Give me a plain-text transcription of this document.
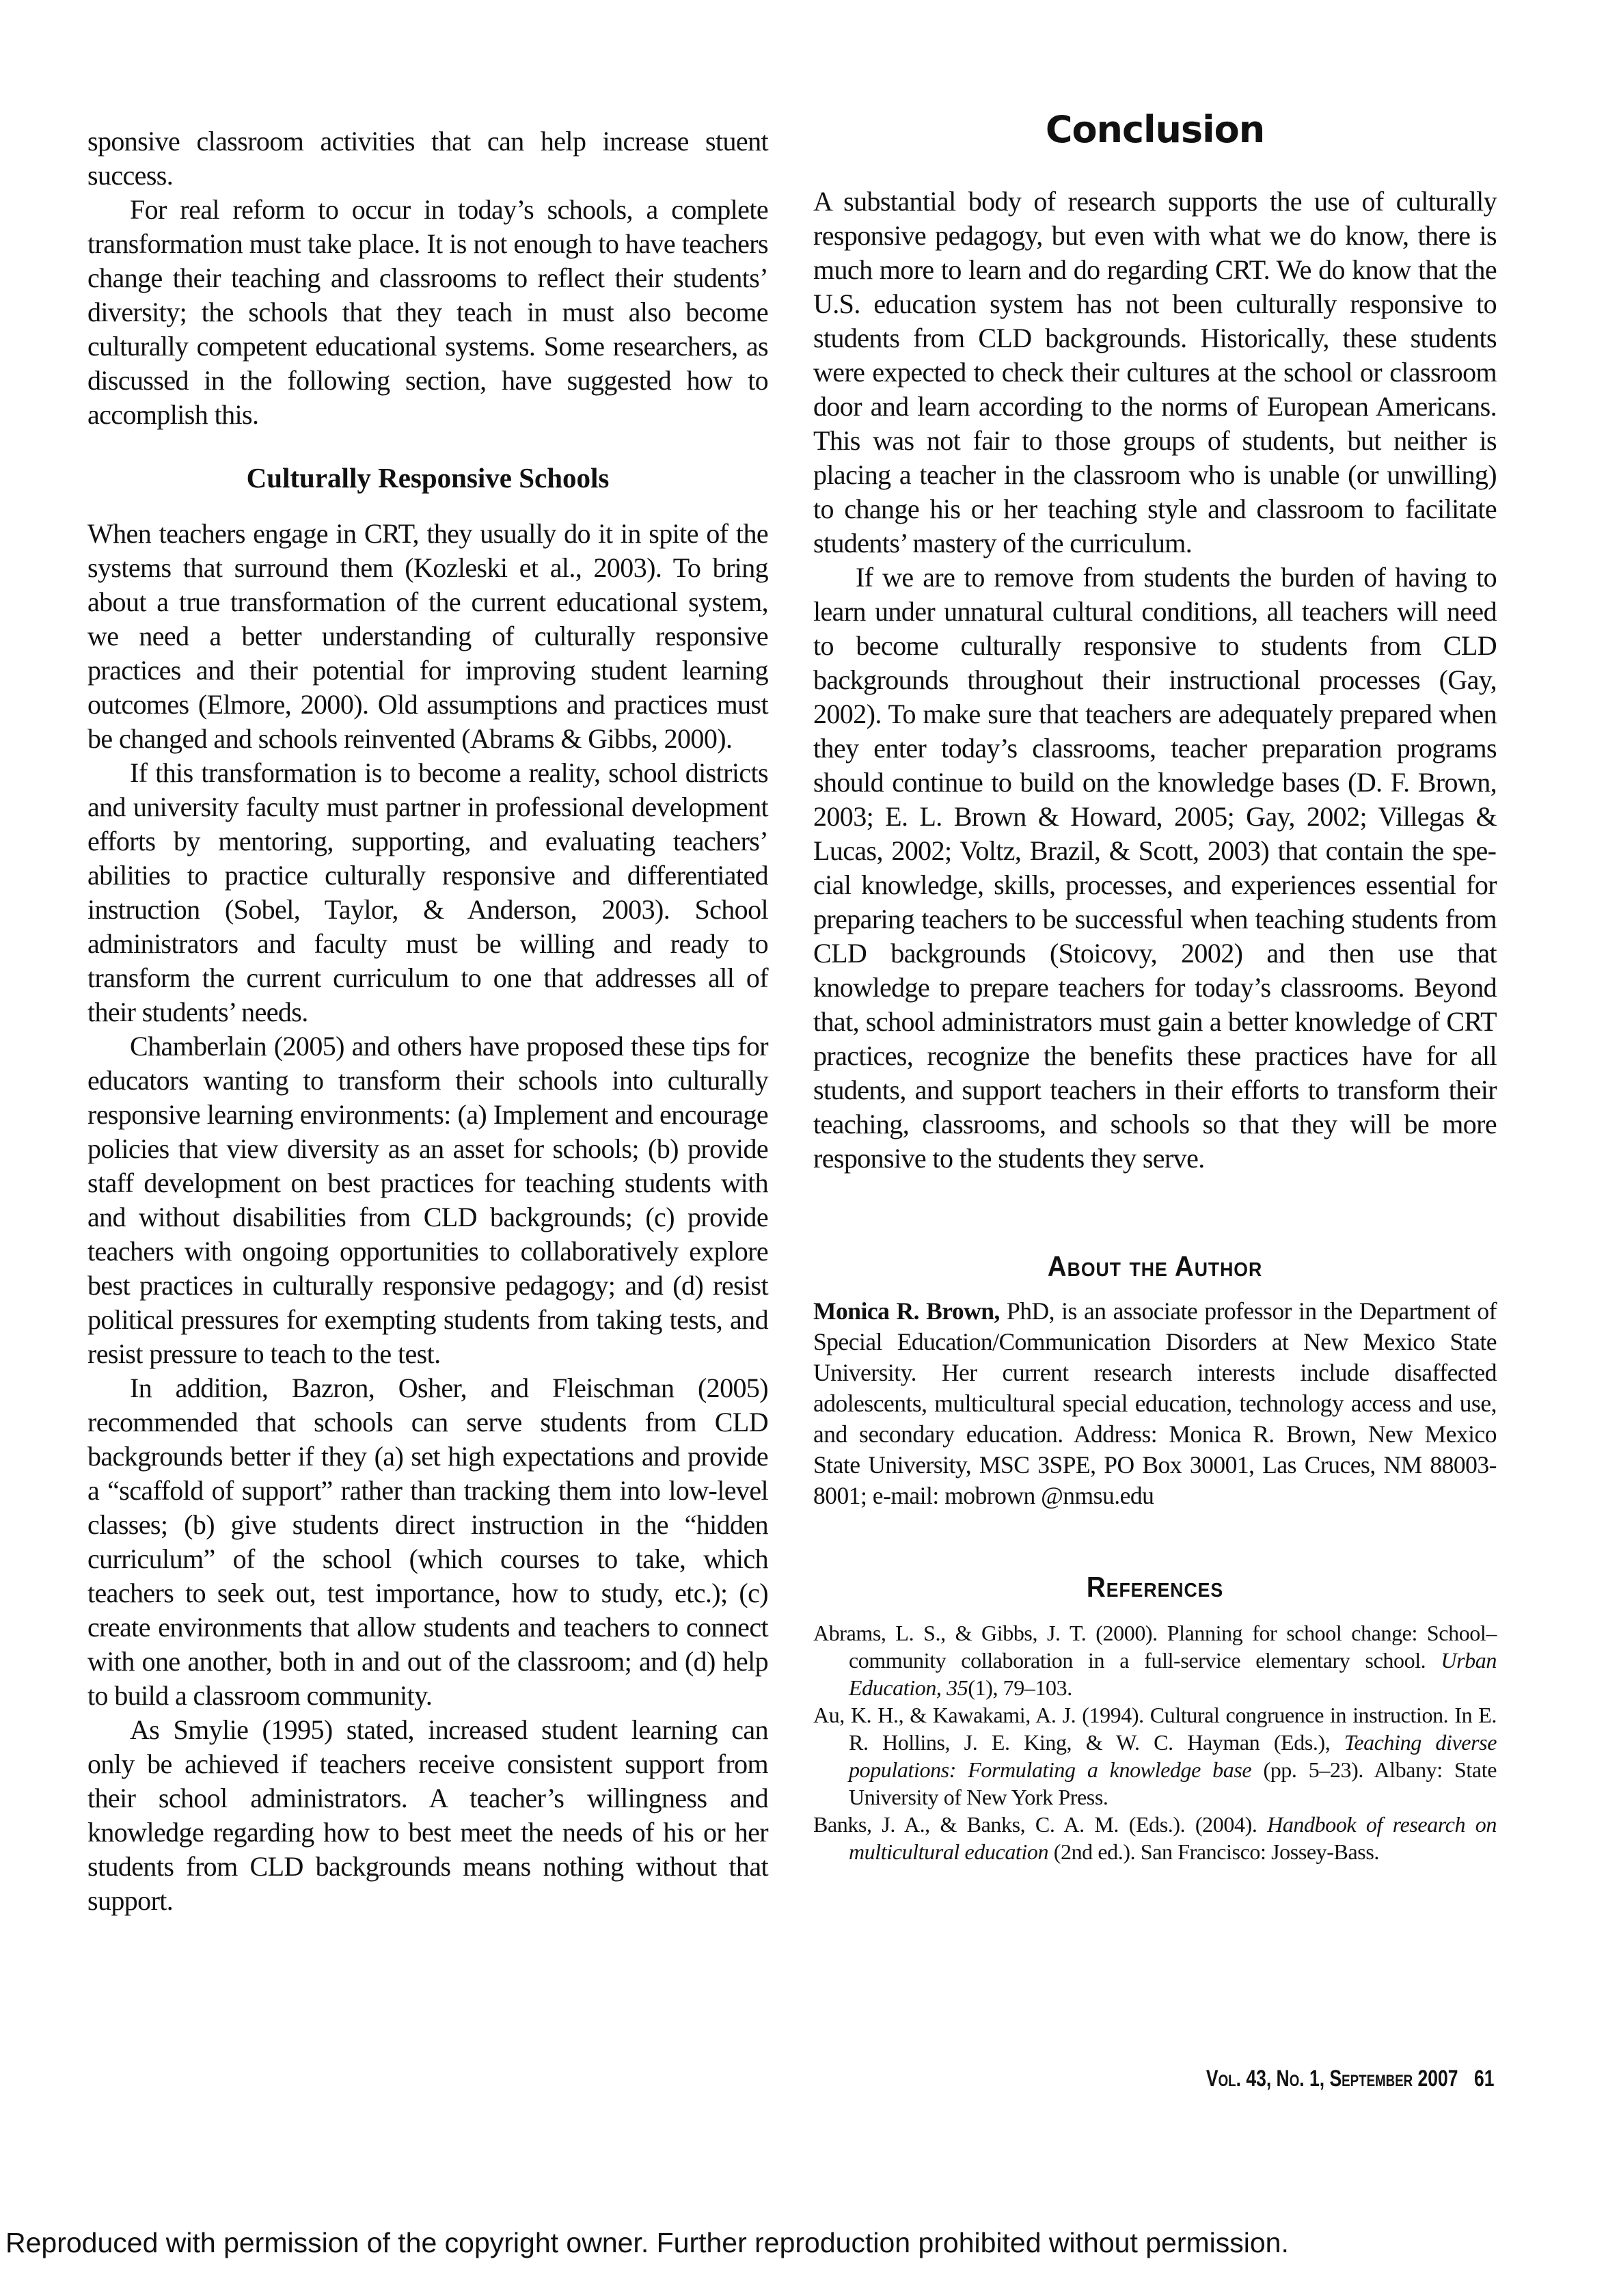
sponsive classroom activities that can help increase stuent success.

For real reform to occur in today’s schools, a complete transformation must take place. It is not enough to have teachers change their teaching and classrooms to reflect their students’ diversity; the schools that they teach in must also become culturally competent educational systems. Some researchers, as discussed in the following section, have suggested how to accomplish this.

Culturally Responsive Schools

When teachers engage in CRT, they usually do it in spite of the systems that surround them (Kozleski et al., 2003). To bring about a true transformation of the current educational system, we need a better understanding of culturally responsive practices and their potential for improving student learning outcomes (Elmore, 2000). Old assumptions and practices must be changed and schools reinvented (Abrams & Gibbs, 2000).

If this transformation is to become a reality, school districts and university faculty must partner in professional development efforts by mentoring, supporting, and evaluating teachers’ abilities to practice culturally responsive and differentiated instruction (Sobel, Taylor, & Anderson, 2003). School administrators and faculty must be willing and ready to transform the current curriculum to one that addresses all of their students’ needs.

Chamberlain (2005) and others have proposed these tips for educators wanting to transform their schools into culturally responsive learning environments: (a) Implement and encourage policies that view diversity as an asset for schools; (b) provide staff development on best practices for teaching students with and without disabilities from CLD backgrounds; (c) provide teachers with ongoing opportunities to collaboratively explore best practices in culturally responsive pedagogy; and (d) resist political pressures for exempting students from taking tests, and resist pressure to teach to the test.

In addition, Bazron, Osher, and Fleischman (2005) recommended that schools can serve students from CLD backgrounds better if they (a) set high expectations and provide a “scaffold of support” rather than tracking them into low-level classes; (b) give students direct instruction in the “hidden curriculum” of the school (which courses to take, which teachers to seek out, test importance, how to study, etc.); (c) create environments that allow students and teachers to connect with one another, both in and out of the classroom; and (d) help to build a classroom community.

As Smylie (1995) stated, increased student learning can only be achieved if teachers receive consistent support from their school administrators. A teacher’s willingness and knowledge regarding how to best meet the needs of his or her students from CLD backgrounds means nothing without that support.

Conclusion

A substantial body of research supports the use of culturally responsive pedagogy, but even with what we do know, there is much more to learn and do regarding CRT. We do know that the U.S. education system has not been culturally responsive to students from CLD backgrounds. Historically, these students were expected to check their cultures at the school or classroom door and learn according to the norms of European Americans. This was not fair to those groups of students, but neither is placing a teacher in the classroom who is unable (or unwilling) to change his or her teaching style and classroom to facilitate students’ mastery of the curriculum.

If we are to remove from students the burden of having to learn under unnatural cultural conditions, all teachers will need to become culturally responsive to students from CLD backgrounds throughout their instructional processes (Gay, 2002). To make sure that teachers are adequately prepared when they enter today’s classrooms, teacher preparation programs should continue to build on the knowledge bases (D. F. Brown, 2003; E. L. Brown & Howard, 2005; Gay, 2002; Villegas & Lucas, 2002; Voltz, Brazil, & Scott, 2003) that contain the special knowledge, skills, processes, and experiences essential for preparing teachers to be successful when teaching students from CLD backgrounds (Stoicovy, 2002) and then use that knowledge to prepare teachers for today’s classrooms. Beyond that, school administrators must gain a better knowledge of CRT practices, recognize the benefits these practices have for all students, and support teachers in their efforts to transform their teaching, classrooms, and schools so that they will be more responsive to the students they serve.

About the Author

Monica R. Brown, PhD, is an associate professor in the Department of Special Education/Communication Disorders at New Mexico State University. Her current research interests include disaffected adolescents, multicultural special education, technology access and use, and secondary education. Address: Monica R. Brown, New Mexico State University, MSC 3SPE, PO Box 30001, Las Cruces, NM 88003-8001; e-mail: mobrown @nmsu.edu

References

Abrams, L. S., & Gibbs, J. T. (2000). Planning for school change: School–community collaboration in a full-service elementary school. Urban Education, 35(1), 79–103.

Au, K. H., & Kawakami, A. J. (1994). Cultural congruence in instruction. In E. R. Hollins, J. E. King, & W. C. Hayman (Eds.), Teaching diverse populations: Formulating a knowledge base (pp. 5–23). Albany: State University of New York Press.

Banks, J. A., & Banks, C. A. M. (Eds.). (2004). Handbook of research on multicultural education (2nd ed.). San Francisco: Jossey-Bass.

Vol. 43, No. 1, September 2007 61
Reproduced with permission of the copyright owner. Further reproduction prohibited without permission.
